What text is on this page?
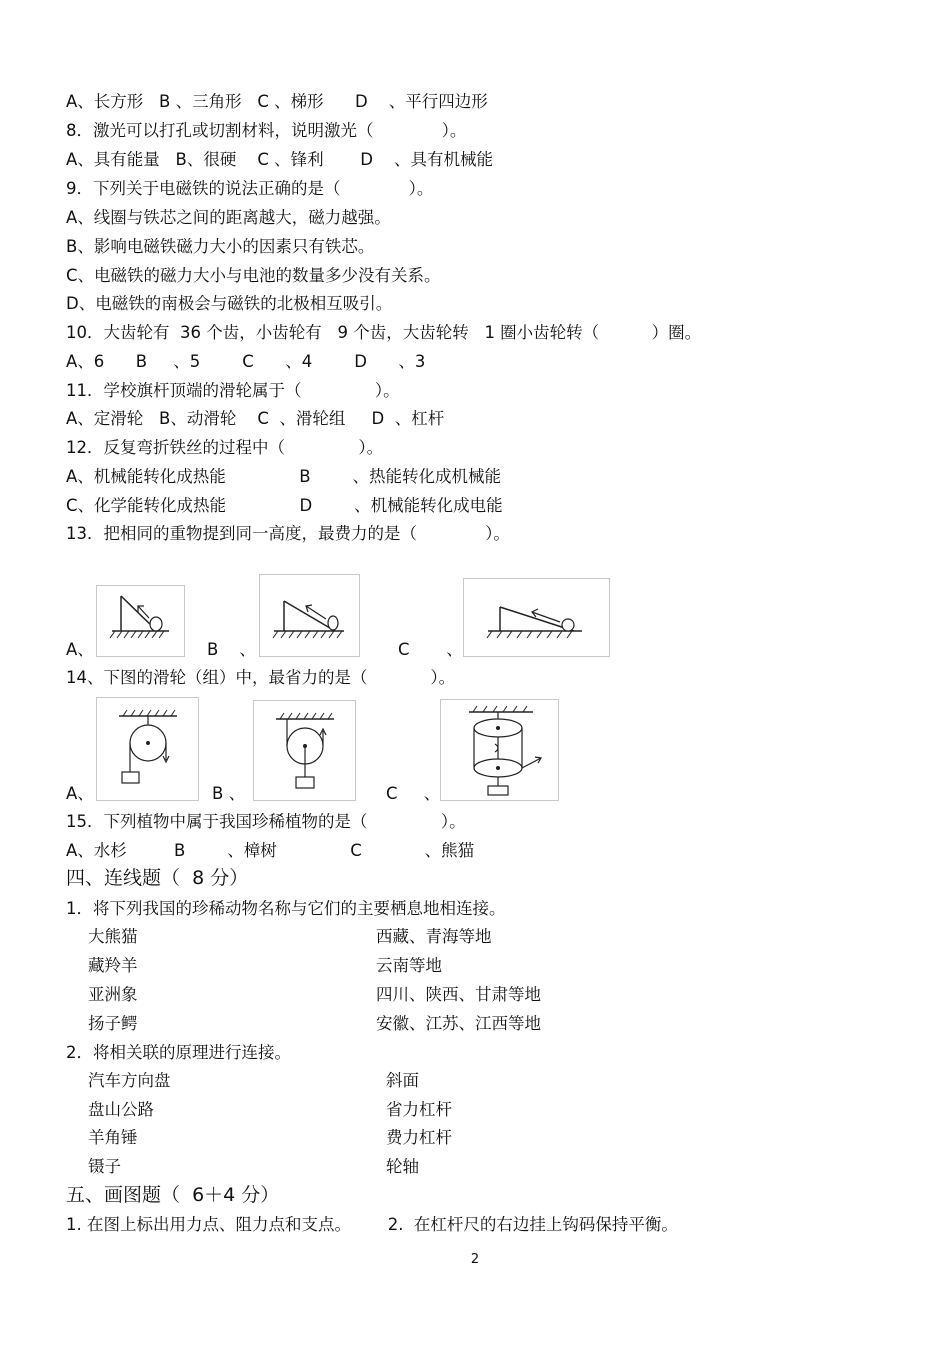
A、长方形   B 、三角形   C 、梯形      D    、平行四边形
8．激光可以打孔或切割材料，说明激光（             ）。
A、具有能量   B、很硬    C 、锋利       D    、具有机械能
9．下列关于电磁铁的说法正确的是（             ）。
A、线圈与铁芯之间的距离越大，磁力越强。
B、影响电磁铁磁力大小的因素只有铁芯。
C、电磁铁的磁力大小与电池的数量多少没有关系。
D、电磁铁的南极会与磁铁的北极相互吸引。
10．大齿轮有  36 个齿，小齿轮有   9 个齿，大齿轮转   1 圈小齿轮转（          ）圈。
A、6      B     、5        C      、4        D      、3
11．学校旗杆顶端的滑轮属于（              ）。
A、定滑轮   B、动滑轮    C  、滑轮组     D  、杠杆
12．反复弯折铁丝的过程中（              ）。
A、机械能转化成热能              B        、热能转化成机械能
C、化学能转化成热能              D        、机械能转化成电能
13．把相同的重物提到同一高度，最费力的是（             ）。
A、	B    、	C       、
14、下图的滑轮（组）中，最省力的是（            ）。
A、	B 、	C     、
15．下列植物中属于我国珍稀植物的是（              ）。
A、水杉         B        、樟树              C            、熊猫
四、连线题（  8 分）
1．将下列我国的珍稀动物名称与它们的主要栖息地相连接。
大熊猫	西藏、青海等地
藏羚羊	云南等地
亚洲象	四川、陕西、甘肃等地
扬子鳄	安徽、江苏、江西等地
2．将相关联的原理进行连接。
汽车方向盘	斜面
盘山公路	省力杠杆
羊角锤	费力杠杆
镊子	轮轴
五、画图题（  6＋4 分）
1. 在图上标出用力点、阻力点和支点。       2.  在杠杆尺的右边挂上钩码保持平衡。
2
